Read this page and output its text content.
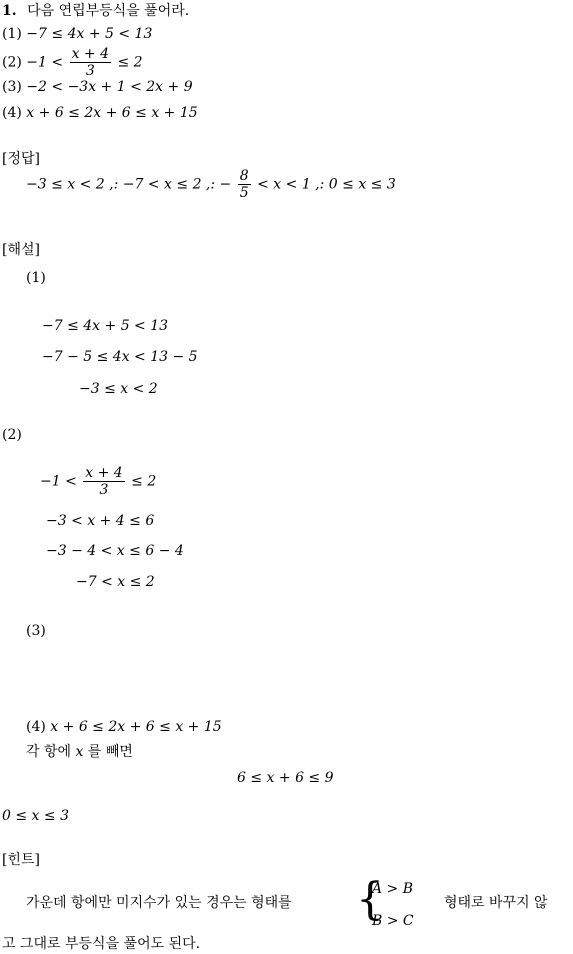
1. 다음 연립부등식을 풀어라.
(1) −7 ≤ 4x + 5 < 13
$(2) -1 < \frac{x + 4}{3} \le 2$
(3) −2 < −3x + 1 < 2x + 9
(4) x + 6 ≤ 2x + 6 ≤ x + 15
[정답]
−3 ≤ x < 2 ,: −7 < x ≤ 2 ,: − $\frac{8}{5} < x < 1$ ,: 0 ≤ x ≤ 3
[해설]
(1)
−7 ≤ 4x + 5 < 13
−7 − 5 ≤ 4x < 13 − 5
−3 ≤ x < 2
(2)
$-1 < \frac{x + 4}{3} \le 2$
−3 < x + 4 ≤ 6
−3 − 4 < x ≤ 6 − 4
−7 < x ≤ 2
(3)
(4) x + 6 ≤ 2x + 6 ≤ x + 15
각 항에 x 를 빼면
6 ≤ x + 6 ≤ 9
0 ≤ x ≤ 3
[힌트]
가운데 항에만 미지수가 있는 경우는 형태를 {
A > B
B > C
형태로 바꾸지 않
고 그대로 부등식을 풀어도 된다.
